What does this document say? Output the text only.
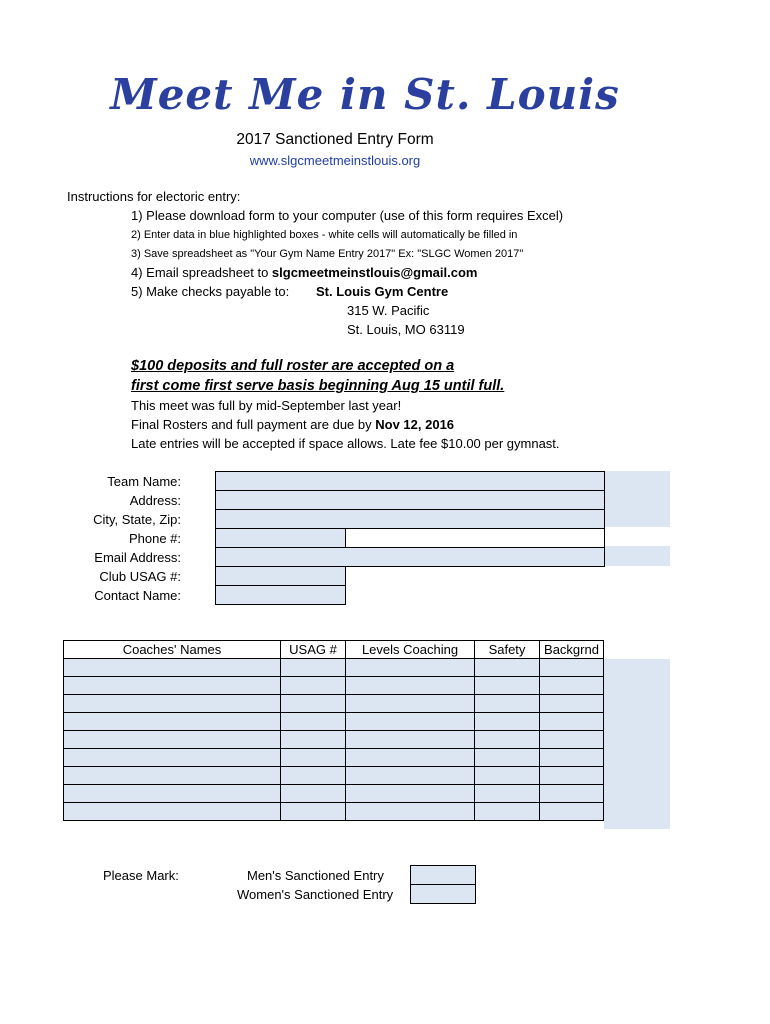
Meet Me in St. Louis
2017 Sanctioned Entry Form
www.slgcmeetmeinstlouis.org
Instructions for electoric entry:
1) Please download form to your computer (use of this form requires Excel)
2) Enter data in blue highlighted boxes - white cells will automatically be filled in
3) Save spreadsheet as "Your Gym Name Entry 2017" Ex: "SLGC Women 2017"
4) Email spreadsheet to slgcmeetmeinstlouis@gmail.com
5) Make checks payable to: St. Louis Gym Centre
315 W. Pacific
St. Louis, MO 63119
$100 deposits and full roster are accepted on a
first come first serve basis beginning Aug 15 until full.
This meet was full by mid-September last year!
Final Rosters and full payment are due by Nov 12, 2016
Late entries will be accepted if space allows. Late fee $10.00 per gymnast.
Team Name:
Address:
City, State, Zip:
Phone #:
Email Address:
Club USAG #:
Contact Name:
Coaches' Names	USAG #	Levels Coaching	Safety	Backgrnd

Please Mark:	Men's Sanctioned Entry
Women's Sanctioned Entry
